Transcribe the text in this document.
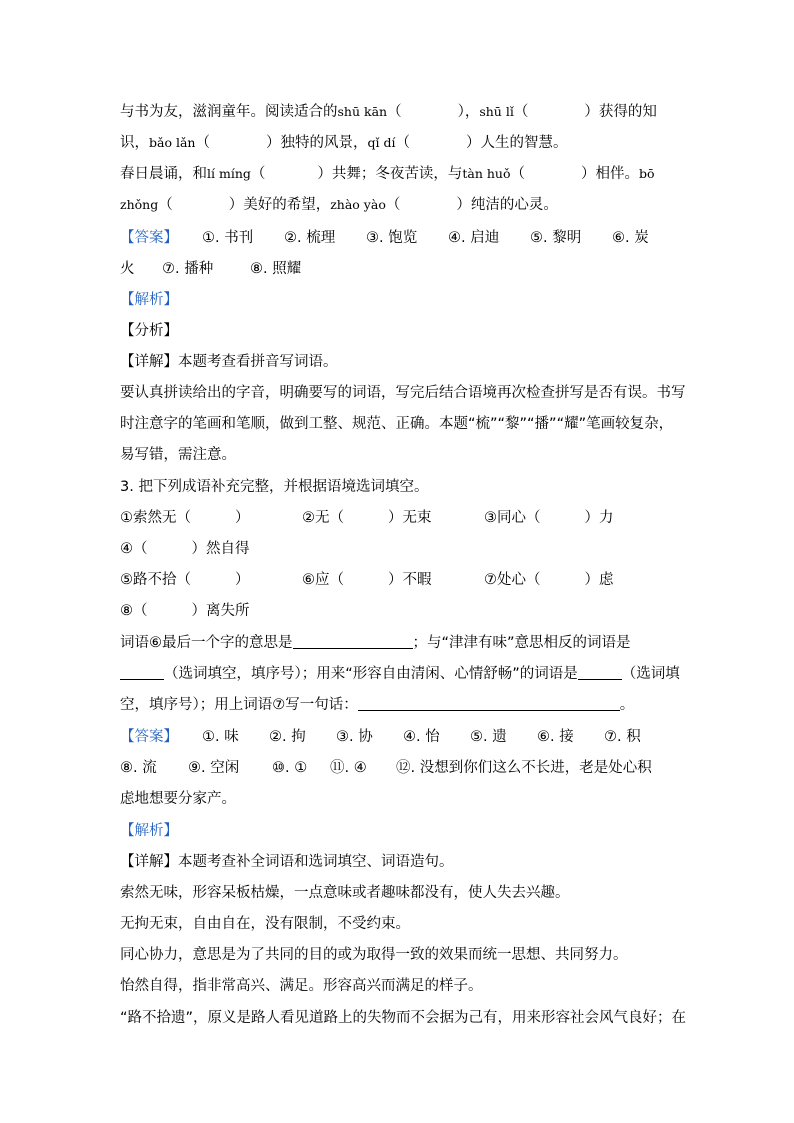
与书为友，滋润童年。阅读适合的shū kān（	），shū lǐ（	）获得的知
识，bǎo lǎn（	）独特的风景，qǐ dí（	）人生的智慧。
春日晨诵，和lí míng（	）共舞；冬夜苦读，与tàn huǒ（	）相伴。bō
zhǒng（	）美好的希望，zhào yào（	）纯洁的心灵。
【答案】 ①. 书刊 ②. 梳理 ③. 饱览 ④. 启迪 ⑤. 黎明 ⑥. 炭
火 ⑦. 播种	⑧. 照耀
【解析】
【分析】
【详解】本题考查看拼音写词语。
要认真拼读给出的字音，明确要写的词语，写完后结合语境再次检查拼写是否有误。书写
时注意字的笔画和笔顺，做到工整、规范、正确。本题“梳”“黎”“播”“耀”笔画较复杂，
易写错，需注意。
3. 把下列成语补充完整，并根据语境选词填空。
①索然无（	）	②无（	）无束	③同心（	）力
④（	）然自得
⑤路不拾（	）	⑥应（	）不暇	⑦处心（	）虑
⑧（	）离失所
词语⑥最后一个字的意思是	；与“津津有味”意思相反的词语是
（选词填空，填序号）；用来“形容自由清闲、心情舒畅”的词语是	（选词填
空，填序号）；用上词语⑦写一句话：	。
【答案】 ①. 味 ②. 拘 ③. 协 ④. 怡 ⑤. 遗 ⑥. 接 ⑦. 积
⑧. 流 ⑨. 空闲 ⑩. ① ⑪. ④ ⑫. 没想到你们这么不长进，老是处心积
虑地想要分家产。
【解析】
【详解】本题考查补全词语和选词填空、词语造句。
索然无味，形容呆板枯燥，一点意味或者趣味都没有，使人失去兴趣。
无拘无束，自由自在，没有限制，不受约束。
同心协力，意思是为了共同的目的或为取得一致的效果而统一思想、共同努力。
怡然自得，指非常高兴、满足。形容高兴而满足的样子。
“路不拾遗”，原义是路人看见道路上的失物而不会据为己有，用来形容社会风气良好；在
